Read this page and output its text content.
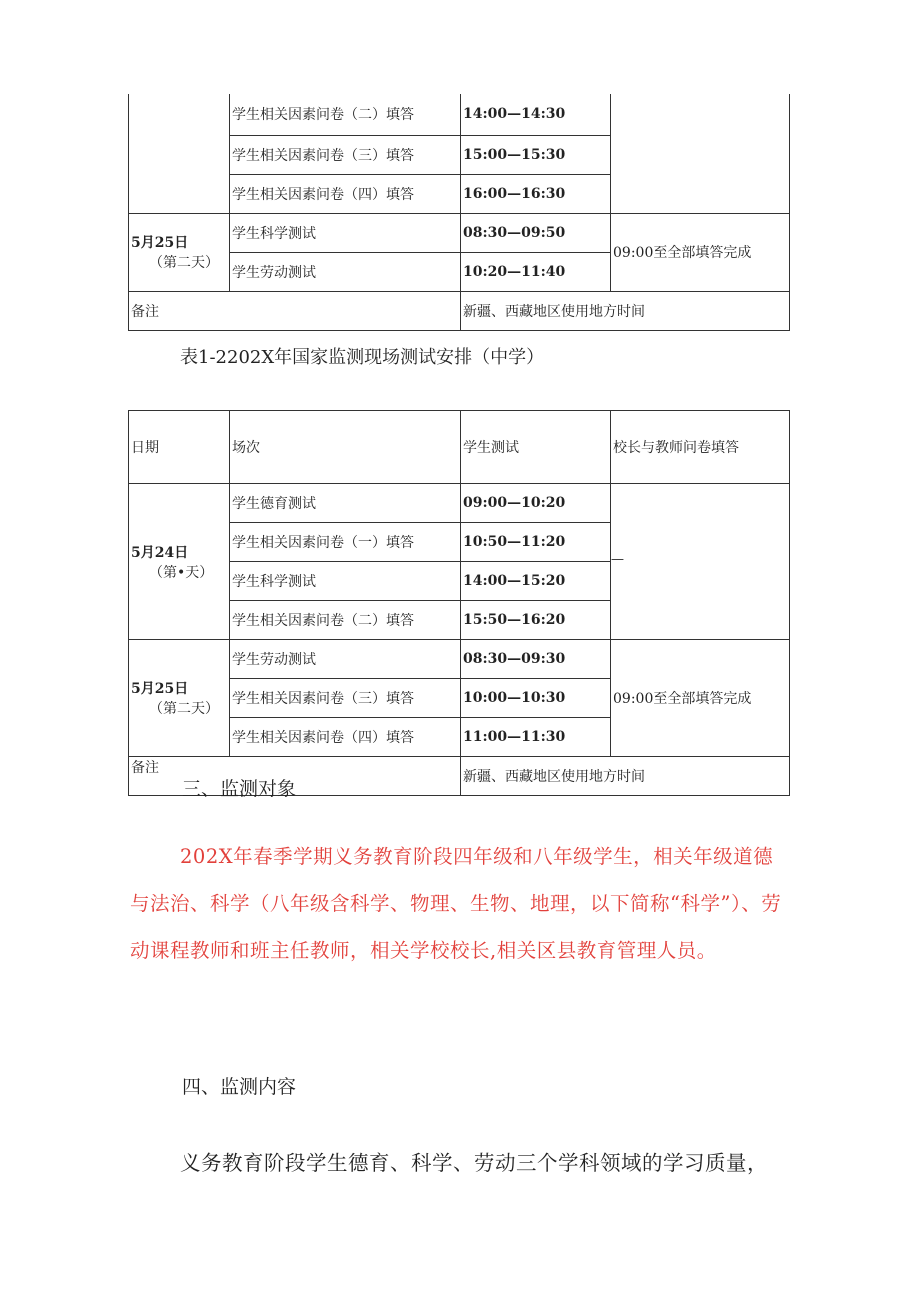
	学生相关因素问卷（二）填答	14:00—14:30	
	学生相关因素问卷（三）填答	15:00—15:30	
	学生相关因素问卷（四）填答	16:00—16:30	

5月25日
（第二天）	学生科学测试	08:30—09:50	09:00至全部填答完成
	学生劳动测试	10:20—11:40	
备注		新疆、西藏地区使用地方时间	
表1-2202X年国家监测现场测试安排（中学）
日期	场次	学生测试	校长与教师问卷填答

5月24日
（第•天）	学生德育测试	09:00—10:20	—

	学生相关因素问卷（一）填答	10:50—11:20	
	学生科学测试	14:00—15:20	
	学生相关因素问卷（二）填答	15:50—16:20	

5月25日
（第二天）	学生劳动测试	08:30—09:30	09:00至全部填答完成
	学生相关因素问卷（三）填答	10:00—10:30	
	学生相关因素问卷（四）填答	11:00—11:30	
备注		新疆、西藏地区使用地方时间	
三、监测对象

202X年春季学期义务教育阶段四年级和八年级学生，相关年级道德与法治、科学（八年级含科学、物理、生物、地理，以下简称“科学”）、劳动课程教师和班主任教师，相关学校校长,相关区县教育管理人员。

四、监测内容

义务教育阶段学生德育、科学、劳动三个学科领域的学习质量，
